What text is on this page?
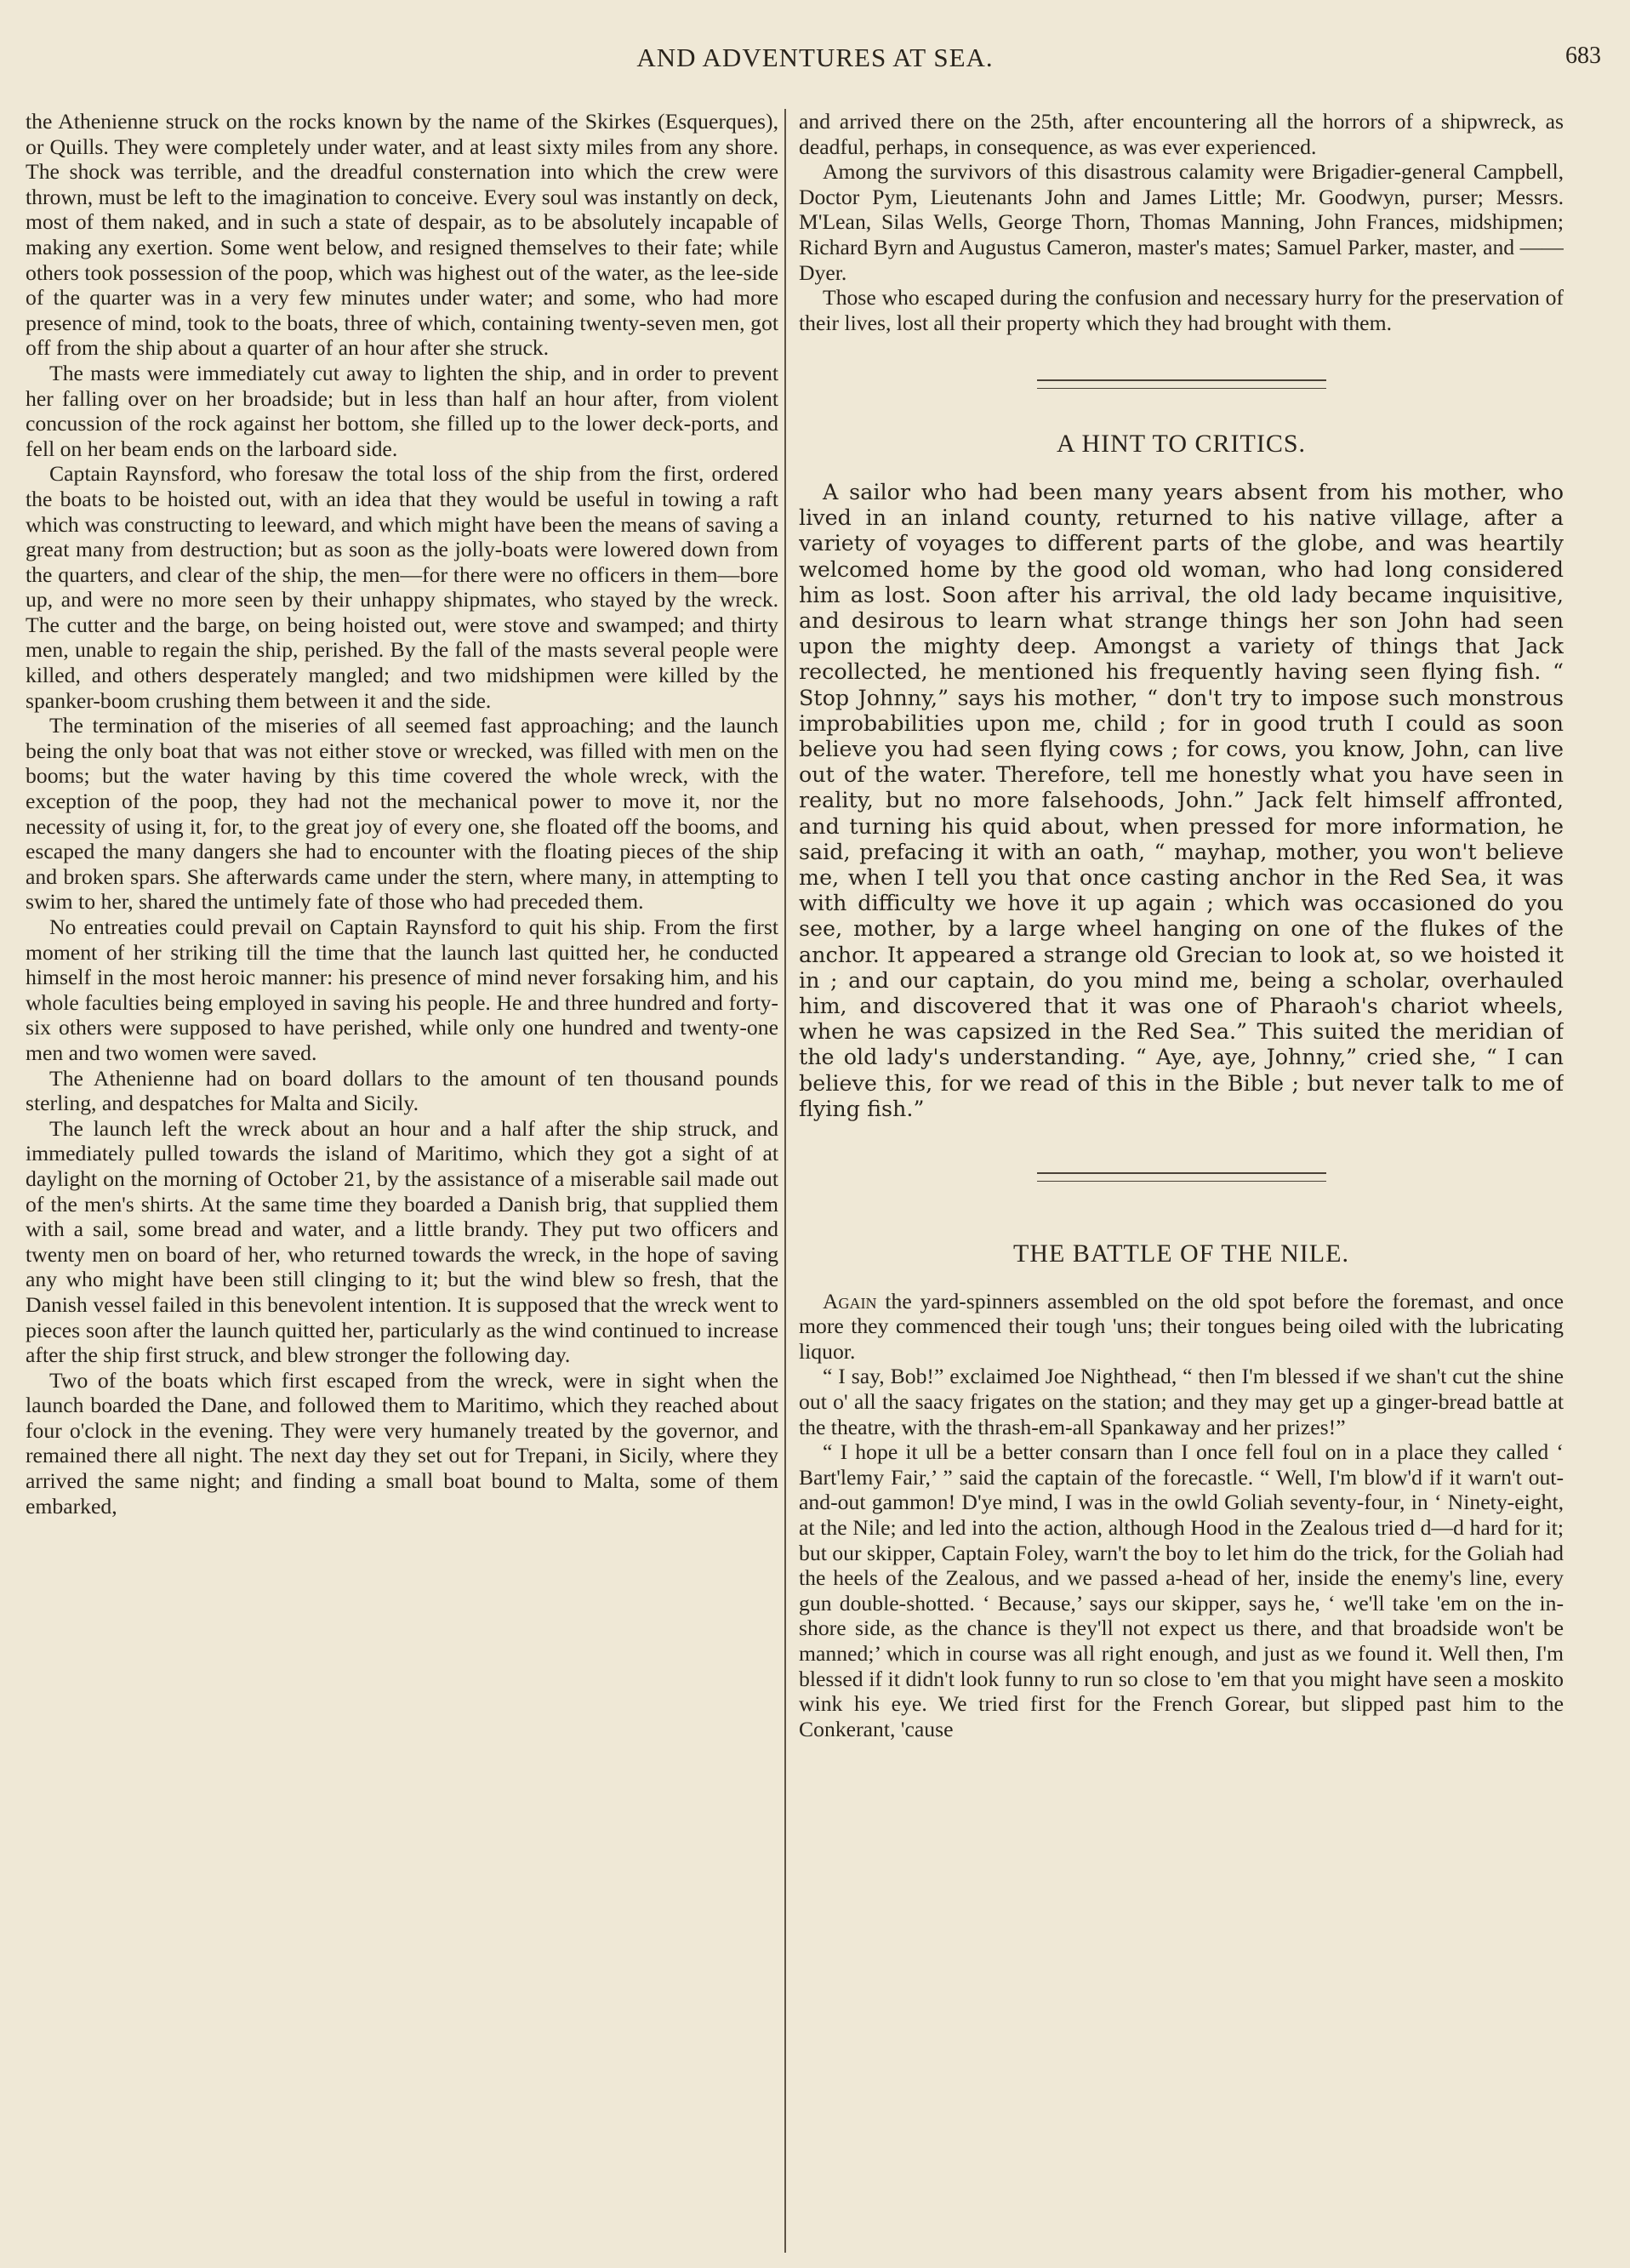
AND ADVENTURES AT SEA.	683

the Athenienne struck on the rocks known by the name of the Skirkes (Esquerques), or Quills. They were completely under water, and at least sixty miles from any shore. The shock was terrible, and the dreadful consternation into which the crew were thrown, must be left to the imagination to conceive. Every soul was instantly on deck, most of them naked, and in such a state of despair, as to be absolutely incapable of making any exertion. Some went below, and resigned themselves to their fate; while others took possession of the poop, which was highest out of the water, as the lee-side of the quarter was in a very few minutes under water; and some, who had more presence of mind, took to the boats, three of which, containing twenty-seven men, got off from the ship about a quarter of an hour after she struck.

The masts were immediately cut away to lighten the ship, and in order to prevent her falling over on her broadside; but in less than half an hour after, from violent concussion of the rock against her bottom, she filled up to the lower deck-ports, and fell on her beam ends on the larboard side.

Captain Raynsford, who foresaw the total loss of the ship from the first, ordered the boats to be hoisted out, with an idea that they would be useful in towing a raft which was constructing to leeward, and which might have been the means of saving a great many from destruction; but as soon as the jolly-boats were lowered down from the quarters, and clear of the ship, the men—for there were no officers in them—bore up, and were no more seen by their unhappy shipmates, who stayed by the wreck. The cutter and the barge, on being hoisted out, were stove and swamped; and thirty men, unable to regain the ship, perished. By the fall of the masts several people were killed, and others desperately mangled; and two midshipmen were killed by the spanker-boom crushing them between it and the side.

The termination of the miseries of all seemed fast approaching; and the launch being the only boat that was not either stove or wrecked, was filled with men on the booms; but the water having by this time covered the whole wreck, with the exception of the poop, they had not the mechanical power to move it, nor the necessity of using it, for, to the great joy of every one, she floated off the booms, and escaped the many dangers she had to encounter with the floating pieces of the ship and broken spars. She afterwards came under the stern, where many, in attempting to swim to her, shared the untimely fate of those who had preceded them.

No entreaties could prevail on Captain Raynsford to quit his ship. From the first moment of her striking till the time that the launch last quitted her, he conducted himself in the most heroic manner: his presence of mind never forsaking him, and his whole faculties being employed in saving his people. He and three hundred and forty-six others were supposed to have perished, while only one hundred and twenty-one men and two women were saved.

The Athenienne had on board dollars to the amount of ten thousand pounds sterling, and despatches for Malta and Sicily.

The launch left the wreck about an hour and a half after the ship struck, and immediately pulled towards the island of Maritimo, which they got a sight of at daylight on the morning of October 21, by the assistance of a miserable sail made out of the men's shirts. At the same time they boarded a Danish brig, that supplied them with a sail, some bread and water, and a little brandy. They put two officers and twenty men on board of her, who returned towards the wreck, in the hope of saving any who might have been still clinging to it; but the wind blew so fresh, that the Danish vessel failed in this benevolent intention. It is supposed that the wreck went to pieces soon after the launch quitted her, particularly as the wind continued to increase after the ship first struck, and blew stronger the following day.

Two of the boats which first escaped from the wreck, were in sight when the launch boarded the Dane, and followed them to Maritimo, which they reached about four o'clock in the evening. They were very humanely treated by the governor, and remained there all night. The next day they set out for Trepani, in Sicily, where they arrived the same night; and finding a small boat bound to Malta, some of them embarked,

and arrived there on the 25th, after encountering all the horrors of a shipwreck, as deadful, perhaps, in consequence, as was ever experienced.

Among the survivors of this disastrous calamity were Brigadier-general Campbell, Doctor Pym, Lieutenants John and James Little; Mr. Goodwyn, purser; Messrs. M'Lean, Silas Wells, George Thorn, Thomas Manning, John Frances, midshipmen; Richard Byrn and Augustus Cameron, master's mates; Samuel Parker, master, and —— Dyer.

Those who escaped during the confusion and necessary hurry for the preservation of their lives, lost all their property which they had brought with them.

A HINT TO CRITICS.

A sailor who had been many years absent from his mother, who lived in an inland county, returned to his native village, after a variety of voyages to different parts of the globe, and was heartily welcomed home by the good old woman, who had long considered him as lost. Soon after his arrival, the old lady became inquisitive, and desirous to learn what strange things her son John had seen upon the mighty deep. Amongst a variety of things that Jack recollected, he mentioned his frequently having seen flying fish. “ Stop Johnny,” says his mother, “ don't try to impose such monstrous improbabilities upon me, child ; for in good truth I could as soon believe you had seen flying cows ; for cows, you know, John, can live out of the water. Therefore, tell me honestly what you have seen in reality, but no more falsehoods, John.” Jack felt himself affronted, and turning his quid about, when pressed for more information, he said, prefacing it with an oath, “ mayhap, mother, you won't believe me, when I tell you that once casting anchor in the Red Sea, it was with difficulty we hove it up again ; which was occasioned do you see, mother, by a large wheel hanging on one of the flukes of the anchor. It appeared a strange old Grecian to look at, so we hoisted it in ; and our captain, do you mind me, being a scholar, overhauled him, and discovered that it was one of Pharaoh's chariot wheels, when he was capsized in the Red Sea.” This suited the meridian of the old lady's understanding. “ Aye, aye, Johnny,” cried she, “ I can believe this, for we read of this in the Bible ; but never talk to me of flying fish.”

THE BATTLE OF THE NILE.

Again the yard-spinners assembled on the old spot before the foremast, and once more they commenced their tough 'uns; their tongues being oiled with the lubricating liquor.

“ I say, Bob!” exclaimed Joe Nighthead, “ then I'm blessed if we shan't cut the shine out o' all the saacy frigates on the station; and they may get up a ginger-bread battle at the theatre, with the thrash-em-all Spankaway and her prizes!”

“ I hope it ull be a better consarn than I once fell foul on in a place they called ‘ Bart'lemy Fair,’ ” said the captain of the forecastle. “ Well, I'm blow'd if it warn't out-and-out gammon! D'ye mind, I was in the owld Goliah seventy-four, in ‘ Ninety-eight, at the Nile; and led into the action, although Hood in the Zealous tried d—d hard for it; but our skipper, Captain Foley, warn't the boy to let him do the trick, for the Goliah had the heels of the Zealous, and we passed a-head of her, inside the enemy's line, every gun double-shotted. ‘ Because,’ says our skipper, says he, ‘ we'll take 'em on the in-shore side, as the chance is they'll not expect us there, and that broadside won't be manned;’ which in course was all right enough, and just as we found it. Well then, I'm blessed if it didn't look funny to run so close to 'em that you might have seen a moskito wink his eye. We tried first for the French Gorear, but slipped past him to the Conkerant, 'cause
